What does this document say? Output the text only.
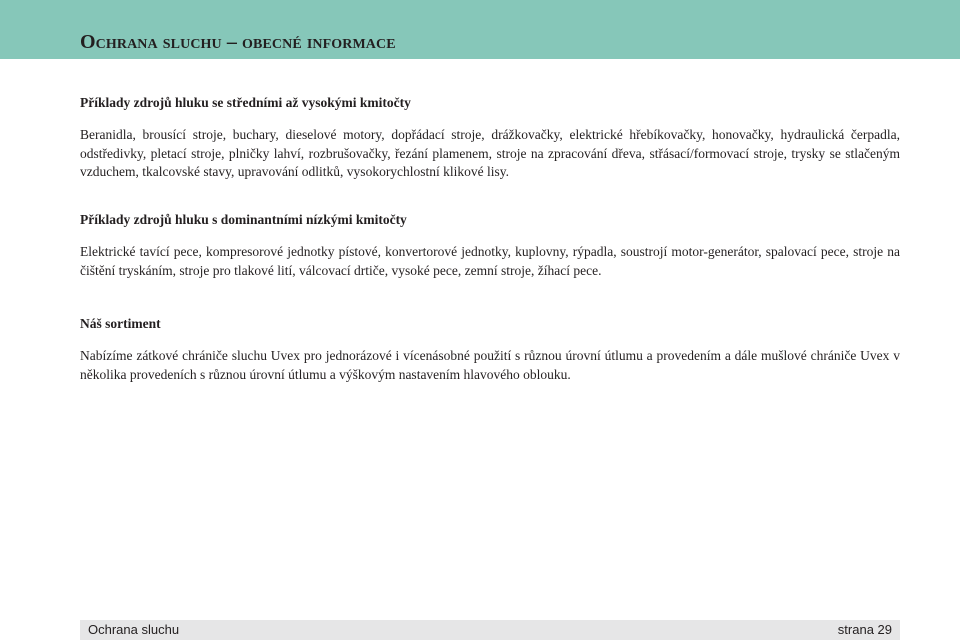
Ochrana sluchu – obecné informace
Příklady zdrojů hluku se středními až vysokými kmitočty

Beranidla, brousící stroje, buchary, dieselové motory, dopřádací stroje, drážkovačky, elektrické hřebíkovačky, honovačky, hydraulická čerpadla, odstředivky, pletací stroje, plničky lahví, rozbrušovačky, řezání plamenem, stroje na zpracování dřeva, střásací/formovací stroje, trysky se stlačeným vzduchem, tkalcovské stavy, upravování odlitků, vysokorychlostní klikové lisy.

Příklady zdrojů hluku s dominantními nízkými kmitočty

Elektrické tavící pece, kompresorové jednotky pístové, konvertorové jednotky, kuplovny, rýpadla, soustrojí motor-generátor, spalovací pece, stroje na čištění tryskáním, stroje pro tlakové lití, válcovací drtiče, vysoké pece, zemní stroje, žíhací pece.

Náš sortiment

Nabízíme zátkové chrániče sluchu Uvex pro jednorázové i vícenásobné použití s různou úrovní útlumu a provedením a dále mušlové chrániče Uvex v několika provedeních s různou úrovní útlumu a výškovým nastavením hlavového oblouku.

Ochrana sluchu	strana 29
